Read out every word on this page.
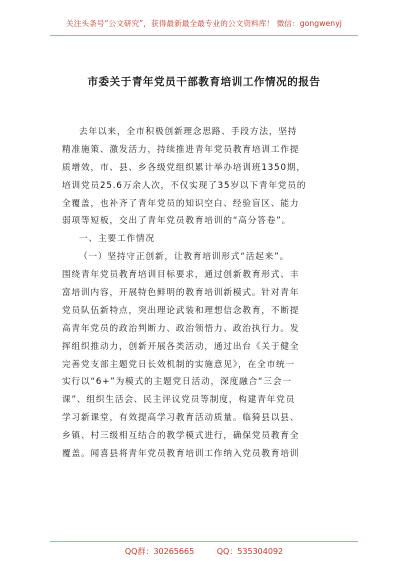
关注头条号“公文研究”，获得最新最全最专业的公文资料库！ 微信：gongwenyj
市委关于青年党员干部教育培训工作情况的报告
去年以来，全市积极创新理念思路、手段方法，坚持
精准施策、激发活力，持续推进青年党员教育培训工作提
质增效，市、县、乡各级党组织累计举办培训班1350期，
培训党员25.6万余人次，不仅实现了35岁以下青年党员的
全覆盖，也补齐了青年党员的知识空白、经验盲区、能力
弱项等短板，交出了青年党员教育培训的“高分答卷”。
一、主要工作情况
（一）坚持守正创新，让教育培训形式“活起来”。
围绕青年党员教育培训目标要求，通过创新教育形式、丰
富培训内容，开展特色鲜明的教育培训新模式。针对青年
党员队伍新特点，突出理论武装和理想信念教育，不断提
高青年党员的政治判断力、政治领悟力、政治执行力。发
挥组织推动力，创新开展各类活动，通过出台《关于健全
完善党支部主题党日长效机制的实施意见》，在全市统一
实行以“6+”为模式的主题党日活动，深度融合“三会一
课”、组织生活会、民主评议党员等制度，构建青年党员
学习新课堂，有效提高学习教育活动质量。临猗县以县、
乡镇、村三级相互结合的教学模式进行，确保党员教育全
覆盖。闻喜县将青年党员教育培训工作纳入党员教育培训
QQ群：30265665	QQ：535304092
